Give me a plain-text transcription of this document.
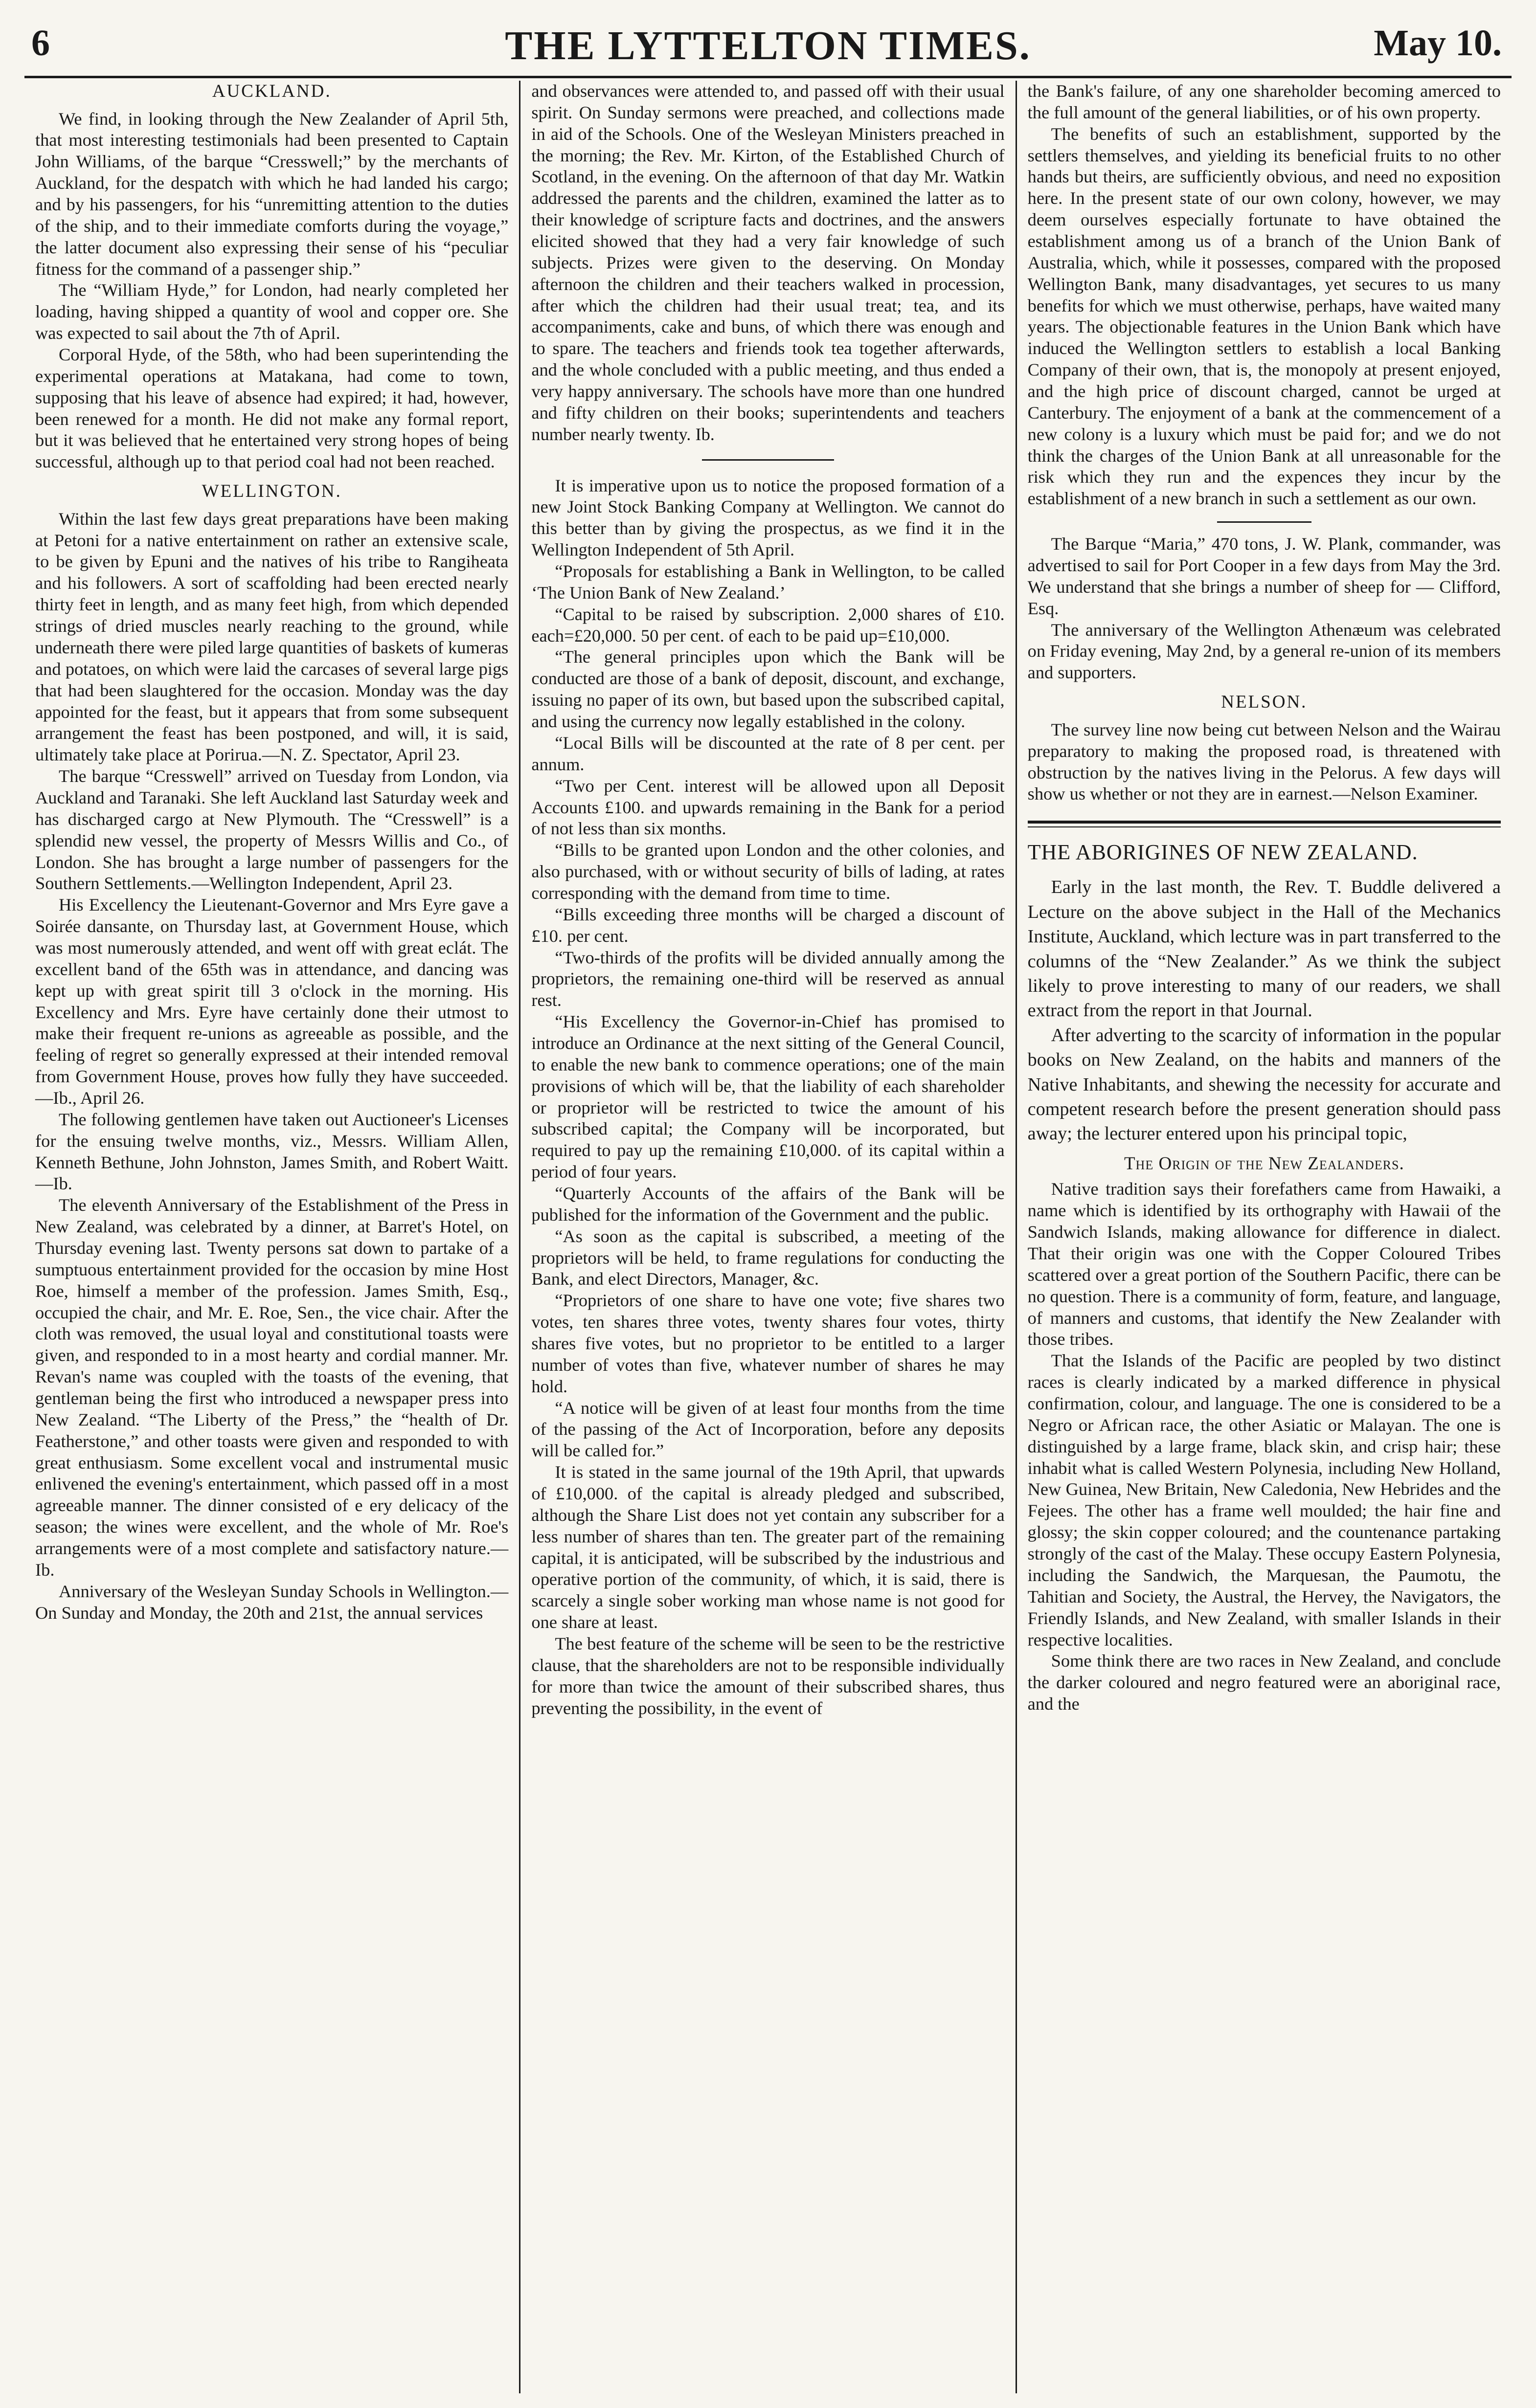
6	THE LYTTELTON TIMES.	May 10.
AUCKLAND.

We find, in looking through the New Zealander of April 5th, that most interesting testimonials had been presented to Captain John Williams, of the barque “Cresswell;” by the merchants of Auckland, for the despatch with which he had landed his cargo; and by his passengers, for his “unremitting attention to the duties of the ship, and to their immediate comforts during the voyage,” the latter document also expressing their sense of his “peculiar fitness for the command of a passenger ship.”

The “William Hyde,” for London, had nearly completed her loading, having shipped a quantity of wool and copper ore. She was expected to sail about the 7th of April.

Corporal Hyde, of the 58th, who had been superintending the experimental operations at Matakana, had come to town, supposing that his leave of absence had expired; it had, however, been renewed for a month. He did not make any formal report, but it was believed that he entertained very strong hopes of being successful, although up to that period coal had not been reached.

WELLINGTON.

Within the last few days great preparations have been making at Petoni for a native entertainment on rather an extensive scale, to be given by Epuni and the natives of his tribe to Rangiheata and his followers. A sort of scaffolding had been erected nearly thirty feet in length, and as many feet high, from which depended strings of dried muscles nearly reaching to the ground, while underneath there were piled large quantities of baskets of kumeras and potatoes, on which were laid the carcases of several large pigs that had been slaughtered for the occasion. Monday was the day appointed for the feast, but it appears that from some subsequent arrangement the feast has been postponed, and will, it is said, ultimately take place at Porirua.—N. Z. Spectator, April 23.

The barque “Cresswell” arrived on Tuesday from London, via Auckland and Taranaki. She left Auckland last Saturday week and has discharged cargo at New Plymouth. The “Cresswell” is a splendid new vessel, the property of Messrs Willis and Co., of London. She has brought a large number of passengers for the Southern Settlements.—Wellington Independent, April 23.

His Excellency the Lieutenant-Governor and Mrs Eyre gave a Soirée dansante, on Thursday last, at Government House, which was most numerously attended, and went off with great eclát. The excellent band of the 65th was in attendance, and dancing was kept up with great spirit till 3 o'clock in the morning. His Excellency and Mrs. Eyre have certainly done their utmost to make their frequent re-unions as agreeable as possible, and the feeling of regret so generally expressed at their intended removal from Government House, proves how fully they have succeeded.—Ib., April 26.

The following gentlemen have taken out Auctioneer's Licenses for the ensuing twelve months, viz., Messrs. William Allen, Kenneth Bethune, John Johnston, James Smith, and Robert Waitt.—Ib.

The eleventh Anniversary of the Establishment of the Press in New Zealand, was celebrated by a dinner, at Barret's Hotel, on Thursday evening last. Twenty persons sat down to partake of a sumptuous entertainment provided for the occasion by mine Host Roe, himself a member of the profession. James Smith, Esq., occupied the chair, and Mr. E. Roe, Sen., the vice chair. After the cloth was removed, the usual loyal and constitutional toasts were given, and responded to in a most hearty and cordial manner. Mr. Revan's name was coupled with the toasts of the evening, that gentleman being the first who introduced a newspaper press into New Zealand. “The Liberty of the Press,” the “health of Dr. Featherstone,” and other toasts were given and responded to with great enthusiasm. Some excellent vocal and instrumental music enlivened the evening's entertainment, which passed off in a most agreeable manner. The dinner consisted of e ery delicacy of the season; the wines were excellent, and the whole of Mr. Roe's arrangements were of a most complete and satisfactory nature.—Ib.

Anniversary of the Wesleyan Sunday Schools in Wellington.—On Sunday and Monday, the 20th and 21st, the annual services

and observances were attended to, and passed off with their usual spirit. On Sunday sermons were preached, and collections made in aid of the Schools. One of the Wesleyan Ministers preached in the morning; the Rev. Mr. Kirton, of the Established Church of Scotland, in the evening. On the afternoon of that day Mr. Watkin addressed the parents and the children, examined the latter as to their knowledge of scripture facts and doctrines, and the answers elicited showed that they had a very fair knowledge of such subjects. Prizes were given to the deserving. On Monday afternoon the children and their teachers walked in procession, after which the children had their usual treat; tea, and its accompaniments, cake and buns, of which there was enough and to spare. The teachers and friends took tea together afterwards, and the whole concluded with a public meeting, and thus ended a very happy anniversary. The schools have more than one hundred and fifty children on their books; superintendents and teachers number nearly twenty. Ib.

It is imperative upon us to notice the proposed formation of a new Joint Stock Banking Company at Wellington. We cannot do this better than by giving the prospectus, as we find it in the Wellington Independent of 5th April.

“Proposals for establishing a Bank in Wellington, to be called ‘The Union Bank of New Zealand.’

“Capital to be raised by subscription. 2,000 shares of £10. each=£20,000. 50 per cent. of each to be paid up=£10,000.

“The general principles upon which the Bank will be conducted are those of a bank of deposit, discount, and exchange, issuing no paper of its own, but based upon the subscribed capital, and using the currency now legally established in the colony.

“Local Bills will be discounted at the rate of 8 per cent. per annum.

“Two per Cent. interest will be allowed upon all Deposit Accounts £100. and upwards remaining in the Bank for a period of not less than six months.

“Bills to be granted upon London and the other colonies, and also purchased, with or without security of bills of lading, at rates corresponding with the demand from time to time.

“Bills exceeding three months will be charged a discount of £10. per cent.

“Two-thirds of the profits will be divided annually among the proprietors, the remaining one-third will be reserved as annual rest.

“His Excellency the Governor-in-Chief has promised to introduce an Ordinance at the next sitting of the General Council, to enable the new bank to commence operations; one of the main provisions of which will be, that the liability of each shareholder or proprietor will be restricted to twice the amount of his subscribed capital; the Company will be incorporated, but required to pay up the remaining £10,000. of its capital within a period of four years.

“Quarterly Accounts of the affairs of the Bank will be published for the information of the Government and the public.

“As soon as the capital is subscribed, a meeting of the proprietors will be held, to frame regulations for conducting the Bank, and elect Directors, Manager, &c.

“Proprietors of one share to have one vote; five shares two votes, ten shares three votes, twenty shares four votes, thirty shares five votes, but no proprietor to be entitled to a larger number of votes than five, whatever number of shares he may hold.

“A notice will be given of at least four months from the time of the passing of the Act of Incorporation, before any deposits will be called for.”

It is stated in the same journal of the 19th April, that upwards of £10,000. of the capital is already pledged and subscribed, although the Share List does not yet contain any subscriber for a less number of shares than ten. The greater part of the remaining capital, it is anticipated, will be subscribed by the industrious and operative portion of the community, of which, it is said, there is scarcely a single sober working man whose name is not good for one share at least.

The best feature of the scheme will be seen to be the restrictive clause, that the shareholders are not to be responsible individually for more than twice the amount of their subscribed shares, thus preventing the possibility, in the event of

the Bank's failure, of any one shareholder becoming amerced to the full amount of the general liabilities, or of his own property.

The benefits of such an establishment, supported by the settlers themselves, and yielding its beneficial fruits to no other hands but theirs, are sufficiently obvious, and need no exposition here. In the present state of our own colony, however, we may deem ourselves especially fortunate to have obtained the establishment among us of a branch of the Union Bank of Australia, which, while it possesses, compared with the proposed Wellington Bank, many disadvantages, yet secures to us many benefits for which we must otherwise, perhaps, have waited many years. The objectionable features in the Union Bank which have induced the Wellington settlers to establish a local Banking Company of their own, that is, the monopoly at present enjoyed, and the high price of discount charged, cannot be urged at Canterbury. The enjoyment of a bank at the commencement of a new colony is a luxury which must be paid for; and we do not think the charges of the Union Bank at all unreasonable for the risk which they run and the expences they incur by the establishment of a new branch in such a settlement as our own.

The Barque “Maria,” 470 tons, J. W. Plank, commander, was advertised to sail for Port Cooper in a few days from May the 3rd. We understand that she brings a number of sheep for — Clifford, Esq.

The anniversary of the Wellington Athenæum was celebrated on Friday evening, May 2nd, by a general re-union of its members and supporters.

NELSON.

The survey line now being cut between Nelson and the Wairau preparatory to making the proposed road, is threatened with obstruction by the natives living in the Pelorus. A few days will show us whether or not they are in earnest.—Nelson Examiner.

THE ABORIGINES OF NEW ZEALAND.

Early in the last month, the Rev. T. Buddle delivered a Lecture on the above subject in the Hall of the Mechanics Institute, Auckland, which lecture was in part transferred to the columns of the “New Zealander.” As we think the subject likely to prove interesting to many of our readers, we shall extract from the report in that Journal.

After adverting to the scarcity of information in the popular books on New Zealand, on the habits and manners of the Native Inhabitants, and shewing the necessity for accurate and competent research before the present generation should pass away; the lecturer entered upon his principal topic,

The Origin of the New Zealanders.

Native tradition says their forefathers came from Hawaiki, a name which is identified by its orthography with Hawaii of the Sandwich Islands, making allowance for difference in dialect. That their origin was one with the Copper Coloured Tribes scattered over a great portion of the Southern Pacific, there can be no question. There is a community of form, feature, and language, of manners and customs, that identify the New Zealander with those tribes.

That the Islands of the Pacific are peopled by two distinct races is clearly indicated by a marked difference in physical confirmation, colour, and language. The one is considered to be a Negro or African race, the other Asiatic or Malayan. The one is distinguished by a large frame, black skin, and crisp hair; these inhabit what is called Western Polynesia, including New Holland, New Guinea, New Britain, New Caledonia, New Hebrides and the Fejees. The other has a frame well moulded; the hair fine and glossy; the skin copper coloured; and the countenance partaking strongly of the cast of the Malay. These occupy Eastern Polynesia, including the Sandwich, the Marquesan, the Paumotu, the Tahitian and Society, the Austral, the Hervey, the Navigators, the Friendly Islands, and New Zealand, with smaller Islands in their respective localities.

Some think there are two races in New Zealand, and conclude the darker coloured and negro featured were an aboriginal race, and the
